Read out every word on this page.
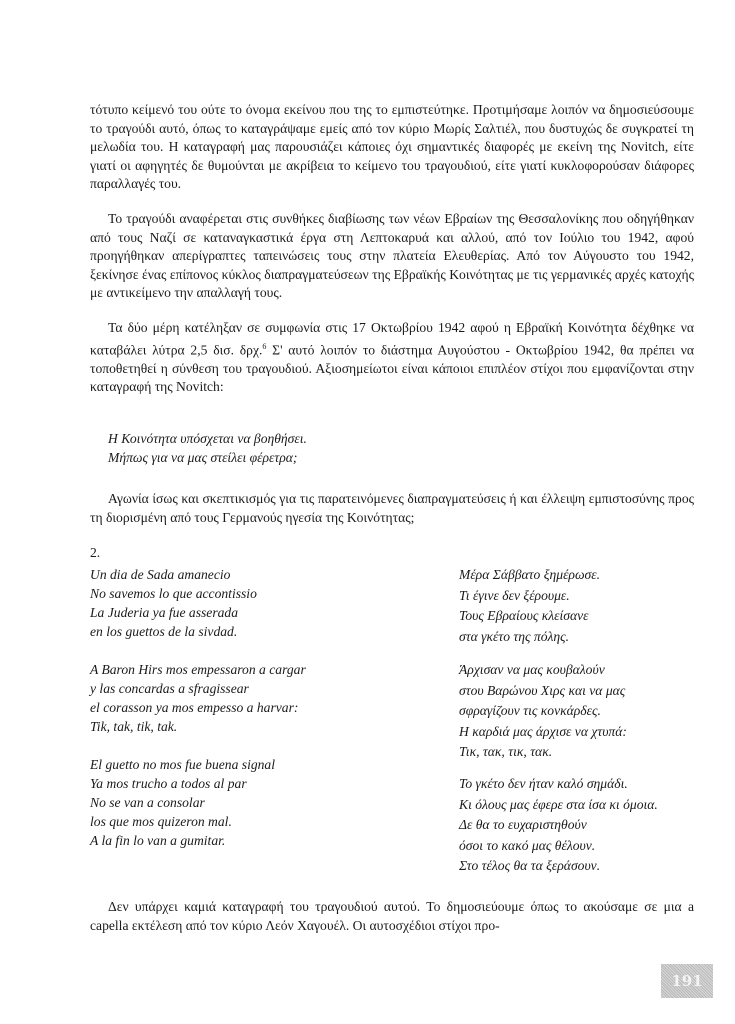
τότυπο κείμενό του ούτε το όνομα εκείνου που της το εμπιστεύτηκε. Προτιμήσαμε λοιπόν να δημοσιεύσουμε το τραγούδι αυτό, όπως το καταγράψαμε εμείς από τον κύριο Μωρίς Σαλτιέλ, που δυστυχώς δε συγκρατεί τη μελωδία του. Η καταγραφή μας παρουσιάζει κάποιες όχι σημαντικές διαφορές με εκείνη της Novitch, είτε γιατί οι αφηγητές δε θυμούνται με ακρίβεια το κείμενο του τραγουδιού, είτε γιατί κυκλοφορούσαν διάφορες παραλλαγές του.

Το τραγούδι αναφέρεται στις συνθήκες διαβίωσης των νέων Εβραίων της Θεσσαλονίκης που οδηγήθηκαν από τους Ναζί σε καταναγκαστικά έργα στη Λεπτοκαρυά και αλλού, από τον Ιούλιο του 1942, αφού προηγήθηκαν απερίγραπτες ταπεινώσεις τους στην πλατεία Ελευθερίας. Από τον Αύγουστο του 1942, ξεκίνησε ένας επίπονος κύκλος διαπραγματεύσεων της Εβραϊκής Κοινότητας με τις γερμανικές αρχές κατοχής με αντικείμενο την απαλλαγή τους.

Τα δύο μέρη κατέληξαν σε συμφωνία στις 17 Οκτωβρίου 1942 αφού η Εβραϊκή Κοινότητα δέχθηκε να καταβάλει λύτρα 2,5 δισ. δρχ.$^6$ Σ' αυτό λοιπόν το διάστημα Αυγούστου - Οκτωβρίου 1942, θα πρέπει να τοποθετηθεί η σύνθεση του τραγουδιού. Αξιοσημείωτοι είναι κάποιοι επιπλέον στίχοι που εμφανίζονται στην καταγραφή της Novitch:

Η Κοινότητα υπόσχεται να βοηθήσει.
Μήπως για να μας στείλει φέρετρα;

Αγωνία ίσως και σκεπτικισμός για τις παρατεινόμενες διαπραγματεύσεις ή και έλλειψη εμπιστοσύνης προς τη διορισμένη από τους Γερμανούς ηγεσία της Κοινότητας;

2.
Un dia de Sada amanecio
No savemos lo que accontissio
La Juderia ya fue asserada
en los guettos de la sivdad.
A Baron Hirs mos empessaron a cargar
y las concardas a sfragissear
el corasson ya mos empesso a harvar:
Tik, tak, tik, tak.
El guetto no mos fue buena signal
Ya mos trucho a todos al par
No se van a consolar
los que mos quizeron mal.
A la fin lo van a gumitar.
Μέρα Σάββατο ξημέρωσε.
Τι έγινε δεν ξέρουμε.
Τους Εβραίους κλείσανε
στα γκέτο της πόλης.
Άρχισαν να μας κουβαλούν
στου Βαρώνου Χιρς και να μας
σφραγίζουν τις κονκάρδες.
Η καρδιά μας άρχισε να χτυπά:
Τικ, τακ, τικ, τακ.
Το γκέτο δεν ήταν καλό σημάδι.
Κι όλους μας έφερε στα ίσα κι όμοια.
Δε θα το ευχαριστηθούν
όσοι το κακό μας θέλουν.
Στο τέλος θα τα ξεράσουν.

Δεν υπάρχει καμιά καταγραφή του τραγουδιού αυτού. Το δημοσιεύουμε όπως το ακούσαμε σε μια a capella εκτέλεση από τον κύριο Λεόν Χαγουέλ. Οι αυτοσχέδιοι στίχοι προ-

191
